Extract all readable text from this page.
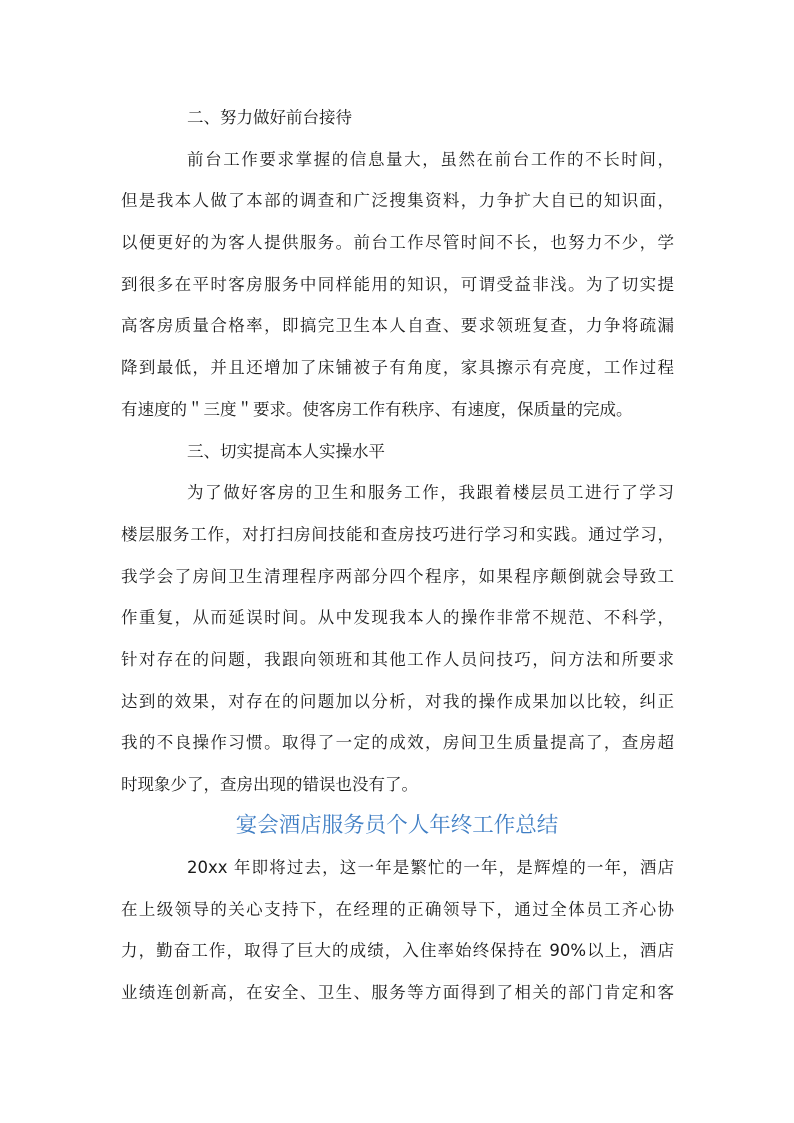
二、努力做好前台接待
前台工作要求掌握的信息量大，虽然在前台工作的不长时间，
但是我本人做了本部的调查和广泛搜集资料，力争扩大自已的知识面，
以便更好的为客人提供服务。前台工作尽管时间不长，也努力不少，学
到很多在平时客房服务中同样能用的知识，可谓受益非浅。为了切实提
高客房质量合格率，即搞完卫生本人自查、要求领班复查，力争将疏漏
降到最低，并且还增加了床铺被子有角度，家具擦示有亮度，工作过程
有速度的＂三度＂要求。使客房工作有秩序、有速度，保质量的完成。
三、切实提高本人实操水平
为了做好客房的卫生和服务工作，我跟着楼层员工进行了学习
楼层服务工作，对打扫房间技能和查房技巧进行学习和实践。通过学习，
我学会了房间卫生清理程序两部分四个程序，如果程序颠倒就会导致工
作重复，从而延误时间。从中发现我本人的操作非常不规范、不科学，
针对存在的问题，我跟向领班和其他工作人员问技巧，问方法和所要求
达到的效果，对存在的问题加以分析，对我的操作成果加以比较，纠正
我的不良操作习惯。取得了一定的成效，房间卫生质量提高了，查房超
时现象少了，查房出现的错误也没有了。
宴会酒店服务员个人年终工作总结
20xx 年即将过去，这一年是繁忙的一年，是辉煌的一年，酒店
在上级领导的关心支持下，在经理的正确领导下，通过全体员工齐心协
力，勤奋工作，取得了巨大的成绩，入住率始终保持在 90%以上，酒店
业绩连创新高，在安全、卫生、服务等方面得到了相关的部门肯定和客
